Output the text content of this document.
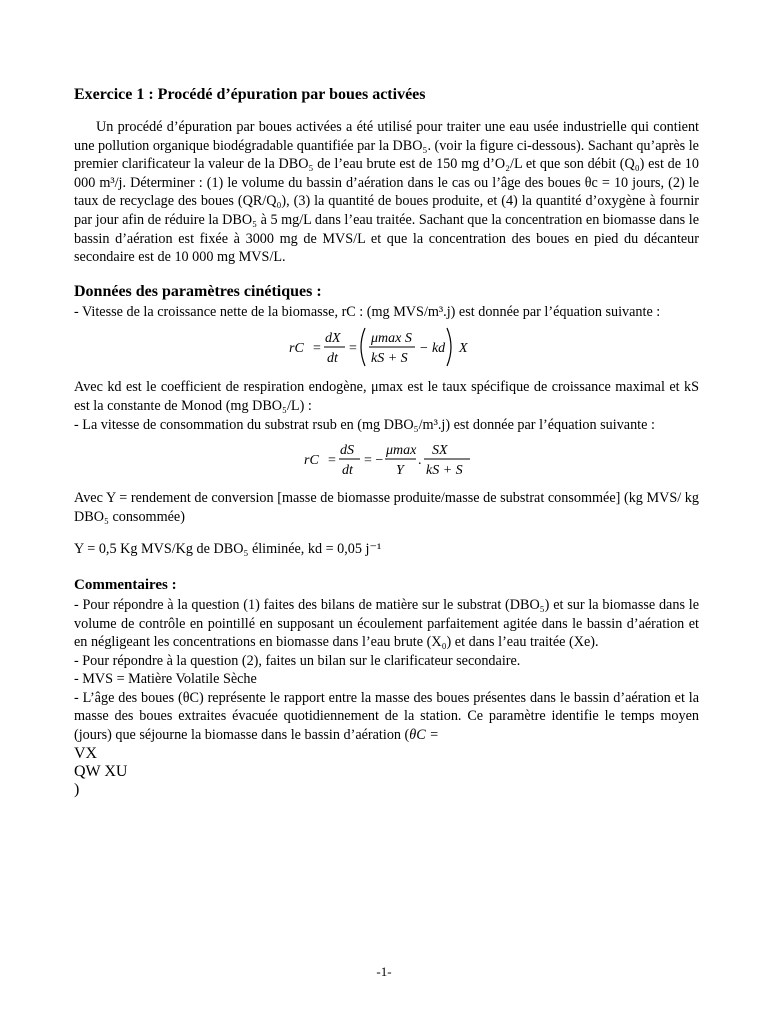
Exercice 1 : Procédé d’épuration par boues activées

Un procédé d’épuration par boues activées a été utilisé pour traiter une eau usée industrielle qui contient une pollution organique biodégradable quantifiée par la DBO₅. (voir la figure ci-dessous). Sachant qu’après le premier clarificateur la valeur de la DBO₅ de l’eau brute est de 150 mg d’O₂/L et que son débit (Q₀) est de 10 000 m³/j. Déterminer : (1) le volume du bassin d’aération dans le cas ou l’âge des boues θc = 10 jours, (2) le taux de recyclage des boues (QR/Q₀), (3) la quantité de boues produite, et (4) la quantité d’oxygène à fournir par jour afin de réduire la DBO₅ à 5 mg/L dans l’eau traitée. Sachant que la concentration en biomasse dans le bassin d’aération est fixée à 3000 mg de MVS/L et que la concentration des boues en pied du décanteur secondaire est de 10 000 mg MVS/L.

Données des paramètres cinétiques :

- Vitesse de la croissance nette de la biomasse, rC : (mg MVS/m³.j) est donnée par l’équation suivante :

rC =
dX
dt
=
μmax S
kS + S
− kd X

Avec kd est le coefficient de respiration endogène, μmax est le taux spécifique de croissance maximal et kS est la constante de Monod (mg DBO₅/L) :

- La vitesse de consommation du substrat rsub en (mg DBO₅/m³.j) est donnée par l’équation suivante :

rC =
dS
dt
= −
μmax
Y
.
SX
kS + S

Avec Y = rendement de conversion [masse de biomasse produite/masse de substrat consommée] (kg MVS/ kg DBO₅ consommée)

Y = 0,5 Kg MVS/Kg de DBO₅ éliminée, kd = 0,05 j⁻¹

Commentaires :

- Pour répondre à la question (1) faites des bilans de matière sur le substrat (DBO₅) et sur la biomasse dans le volume de contrôle en pointillé en supposant un écoulement parfaitement agitée dans le bassin d’aération et en négligeant les concentrations en biomasse dans l’eau brute (X₀) et dans l’eau traitée (Xe).

- Pour répondre à la question (2), faites un bilan sur le clarificateur secondaire.

- MVS = Matière Volatile Sèche

- L’âge des boues (θC) représente le rapport entre la masse des boues présentes dans le bassin d’aération et la masse des boues extraites évacuée quotidiennement de la station. Ce paramètre identifie le temps moyen (jours) que séjourne la biomasse dans le bassin d’aération (θC =

VX
QW XU
)

-1-
